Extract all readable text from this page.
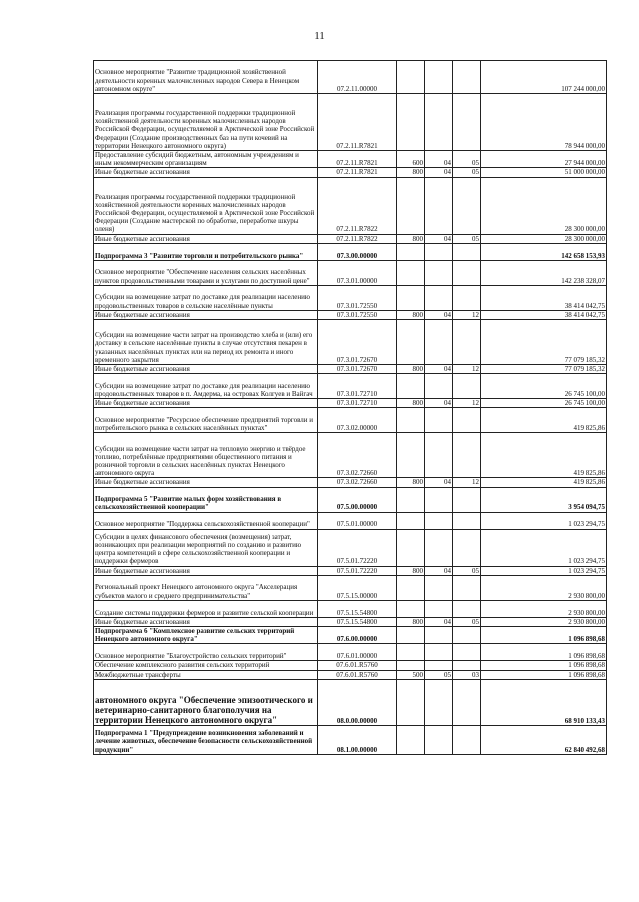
11
Основное мероприятие "Развитие традиционной хозяйственной деятельности коренных малочисленных народов Севера в Ненецком автономном округе"	07.2.11.00000				107 244 000,00
Реализация программы государственной поддержки традиционной хозяйственной деятельности коренных малочисленных народов Российской Федерации, осуществляемой в Арктической зоне Российской Федерации (Создание производственных баз на пути кочевий на территории Ненецкого автономного округа)	07.2.11.R7821				78 944 000,00
Предоставление субсидий бюджетным, автономным учреждениям и иным некоммерческим организациям	07.2.11.R7821	600	04	05	27 944 000,00
Иные бюджетные ассигнования	07.2.11.R7821	800	04	05	51 000 000,00
Реализация программы государственной поддержки традиционной хозяйственной деятельности коренных малочисленных народов Российской Федерации, осуществляемой в Арктической зоне Российской Федерации (Создание мастерской по обработке, переработке шкуры оленя)	07.2.11.R7822				28 300 000,00
Иные бюджетные ассигнования	07.2.11.R7822	800	04	05	28 300 000,00
Подпрограмма 3 "Развитие торговли и потребительского рынка"	07.3.00.00000				142 658 153,93
Основное мероприятие "Обеспечение населения сельских населённых пунктов продовольственными товарами и услугами по доступной цене"	07.3.01.00000				142 238 328,07
Субсидии на возмещение затрат по доставке для реализации населению продовольственных товаров в сельские населённые пункты	07.3.01.72550				38 414 042,75
Иные бюджетные ассигнования	07.3.01.72550	800	04	12	38 414 042,75
Субсидии на возмещение части затрат на производство хлеба и (или) его доставку в сельские населённые пункты в случае отсутствия пекарен в указанных населённых пунктах или на период их ремонта и иного временного закрытия	07.3.01.72670				77 079 185,32
Иные бюджетные ассигнования	07.3.01.72670	800	04	12	77 079 185,32
Субсидии на возмещение затрат по доставке для реализации населению продовольственных товаров в п. Амдерма, на островах Колгуев и Вайгач	07.3.01.72710				26 745 100,00
Иные бюджетные ассигнования	07.3.01.72710	800	04	12	26 745 100,00
Основное мероприятие "Ресурсное обеспечение предприятий торговли и потребительского рынка в сельских населённых пунктах"	07.3.02.00000				419 825,86
Субсидии на возмещение части затрат на тепловую энергию и твёрдое топливо, потреблённые предприятиями общественного питания и розничной торговли в сельских населённых пунктах Ненецкого автономного округа	07.3.02.72660				419 825,86
Иные бюджетные ассигнования	07.3.02.72660	800	04	12	419 825,86
Подпрограмма 5 "Развитие малых форм хозяйствования в сельскохозяйственной кооперации"	07.5.00.00000				3 954 094,75
Основное мероприятие "Поддержка сельскохозяйственной кооперации"	07.5.01.00000				1 023 294,75
Субсидии в целях финансового обеспечения (возмещения) затрат, возникающих при реализации мероприятий по созданию и развитию центра компетенций в сфере сельскохозяйственной кооперации и поддержки фермеров	07.5.01.72220				1 023 294,75
Иные бюджетные ассигнования	07.5.01.72220	800	04	05	1 023 294,75
Региональный проект Ненецкого автономного округа "Акселерация субъектов малого и среднего предпринимательства"	07.5.15.00000				2 930 800,00
Создание системы поддержки фермеров и развитие сельской кооперации	07.5.15.54800				2 930 800,00
Иные бюджетные ассигнования	07.5.15.54800	800	04	05	2 930 800,00
Подпрограмма 6 "Комплексное развитие сельских территорий Ненецкого автономного округа"	07.6.00.00000				1 096 898,68
Основное мероприятие "Благоустройство сельских территорий"	07.6.01.00000				1 096 898,68
Обеспечение комплексного развития сельских территорий	07.6.01.R5760				1 096 898,68
Межбюджетные трансферты	07.6.01.R5760	500	05	03	1 096 898,68
автономного округа "Обеспечение эпизоотического и ветеринарно-санитарного благополучия на территории Ненецкого автономного округа"	08.0.00.00000				68 910 133,43
Подпрограмма 1 "Предупреждение возникновения заболеваний и лечение животных, обеспечение безопасности сельскохозяйственной продукции"	08.1.00.00000				62 840 492,68
